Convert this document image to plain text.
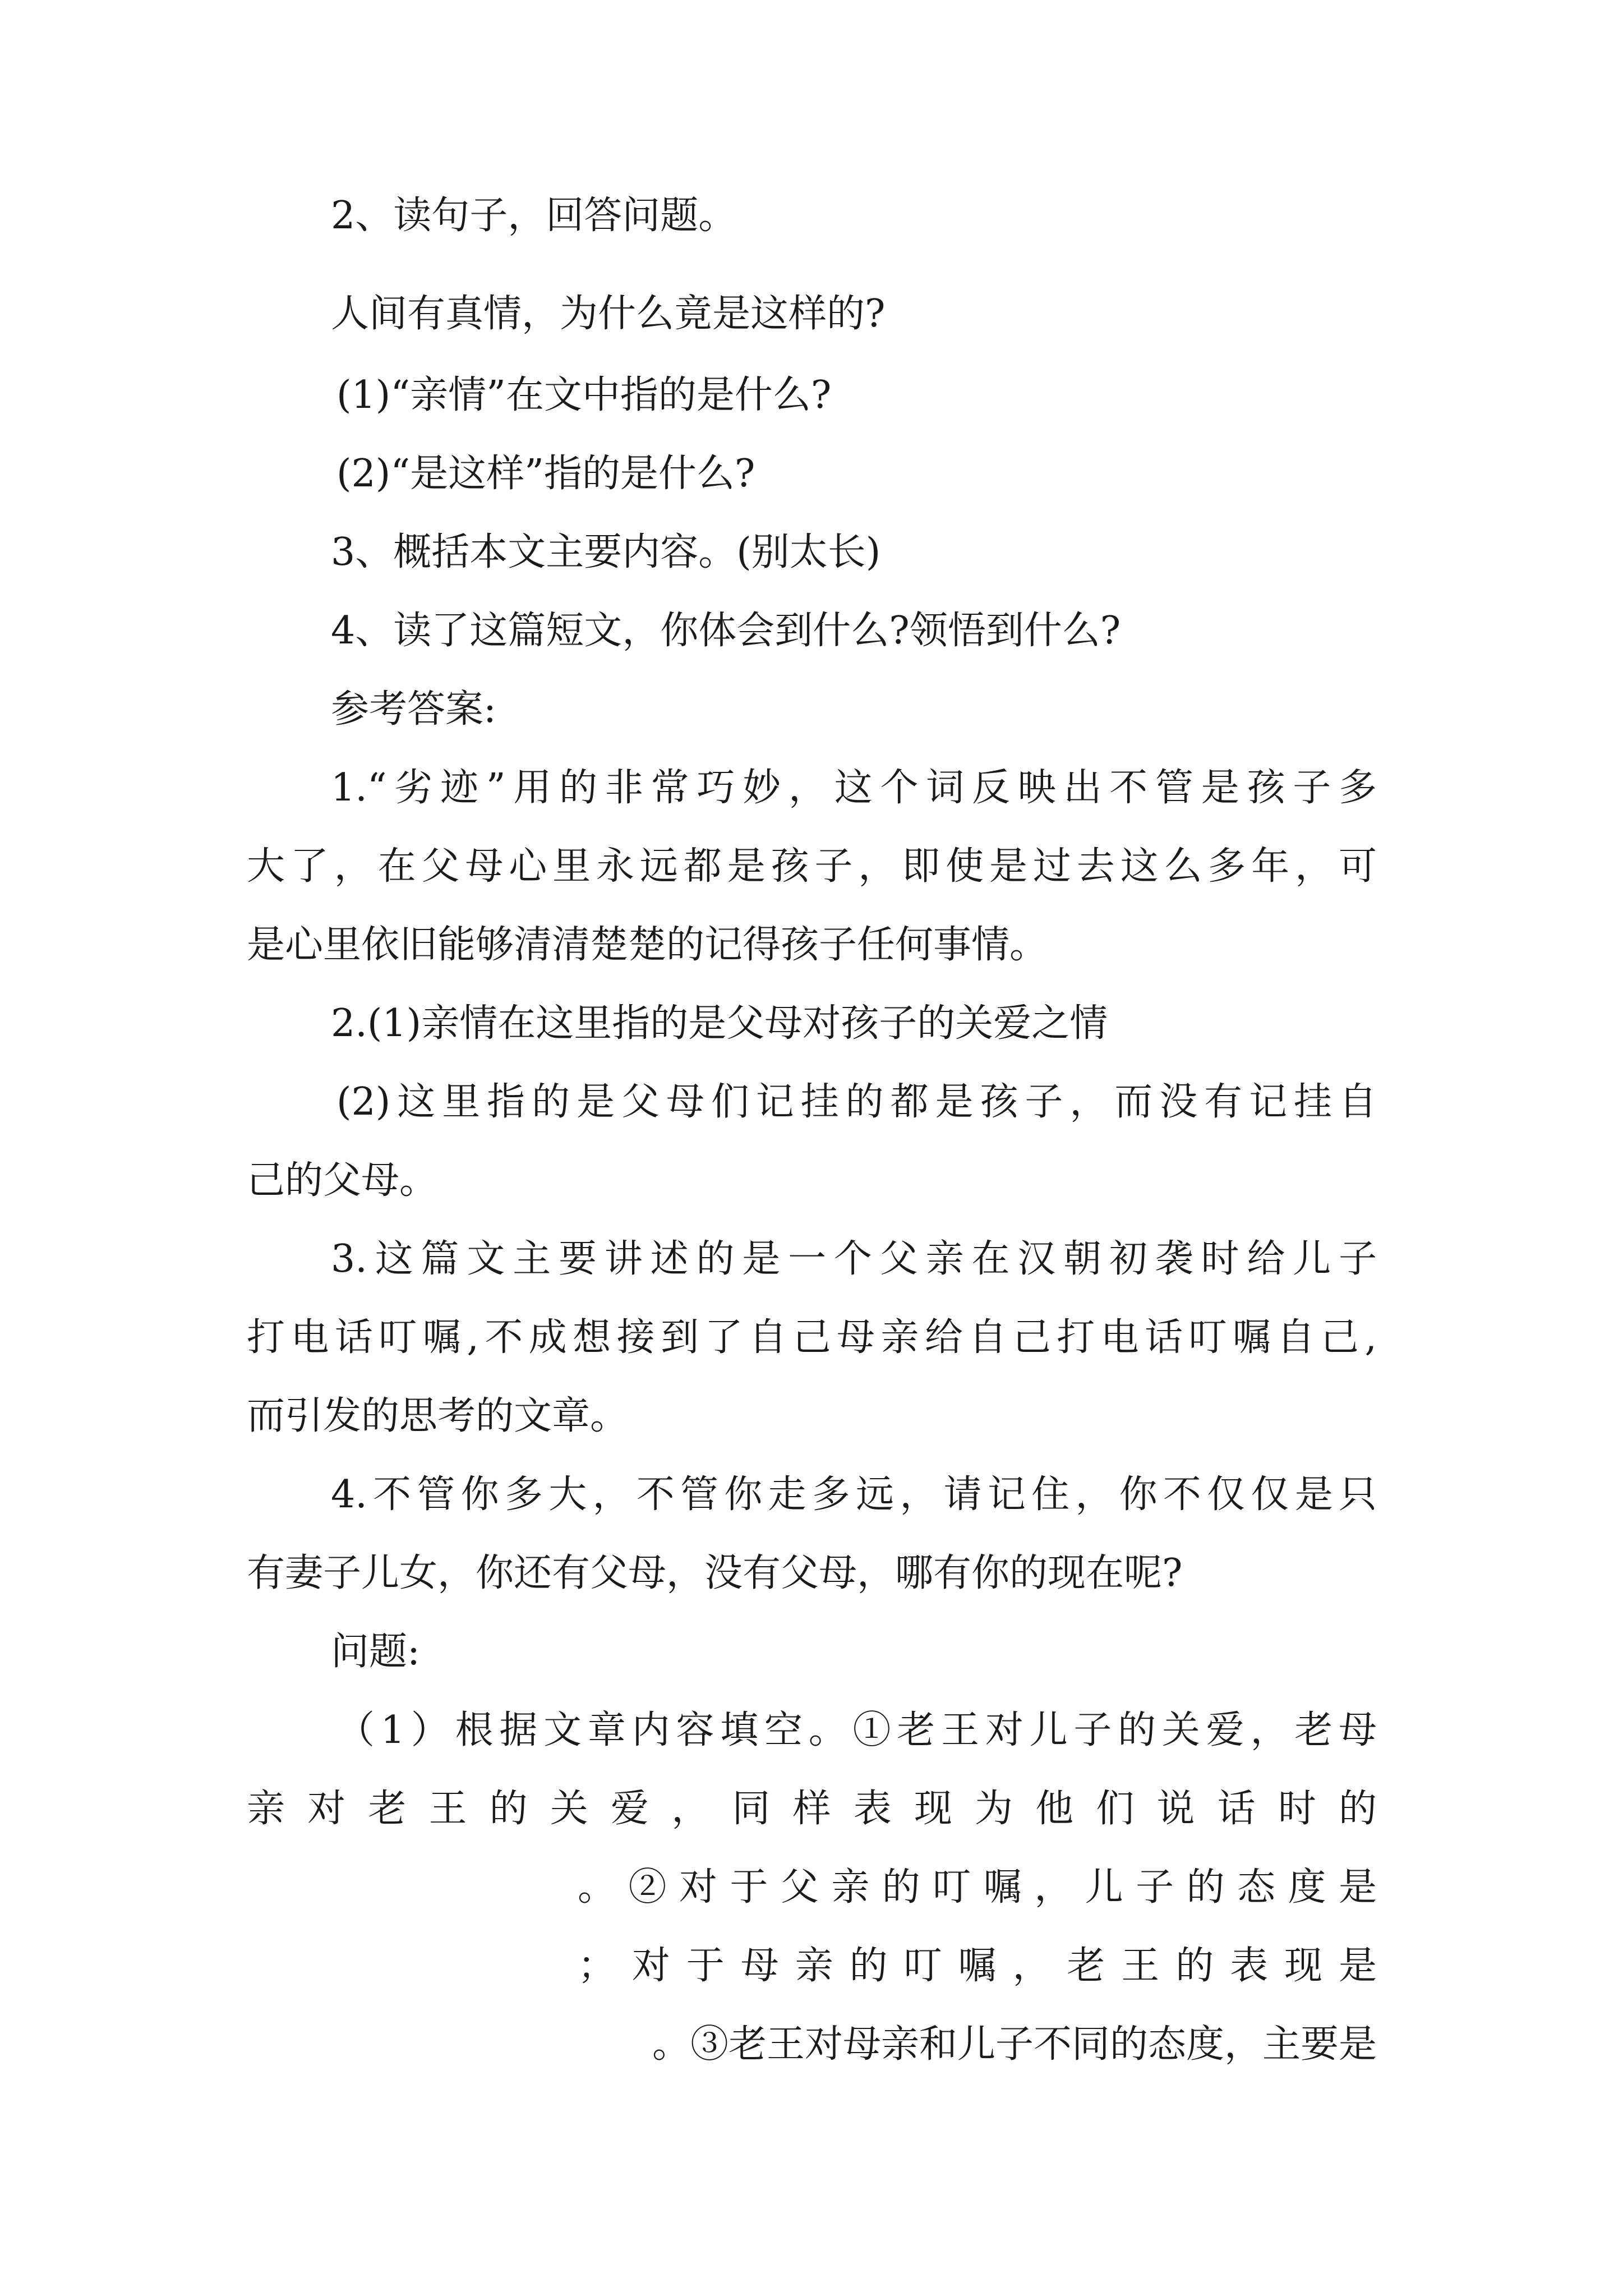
2、读句子，回答问题。

人间有真情，为什么竟是这样的?

(1)“亲情”在文中指的是什么?

(2)“是这样”指的是什么?

3、概括本文主要内容。(别太长)

4、读了这篇短文，你体会到什么?领悟到什么?

参考答案:

1.“劣迹”用的非常巧妙，这个词反映出不管是孩子多

大了，在父母心里永远都是孩子，即使是过去这么多年，可

是心里依旧能够清清楚楚的记得孩子任何事情。

2.(1)亲情在这里指的是父母对孩子的关爱之情

(2)这里指的是父母们记挂的都是孩子，而没有记挂自

己的父母。

3.这篇文主要讲述的是一个父亲在汉朝初袭时给儿子

打电话叮嘱,不成想接到了自己母亲给自己打电话叮嘱自己,

而引发的思考的文章。

4.不管你多大，不管你走多远，请记住，你不仅仅是只

有妻子儿女，你还有父母，没有父母，哪有你的现在呢?

问题:

（1）根据文章内容填空。①老王对儿子的关爱，老母

亲对老王的关爱，同样表现为他们说话时的

。②对于父亲的叮嘱，儿子的态度是

；对于母亲的叮嘱，老王的表现是

。③老王对母亲和儿子不同的态度，主要是
